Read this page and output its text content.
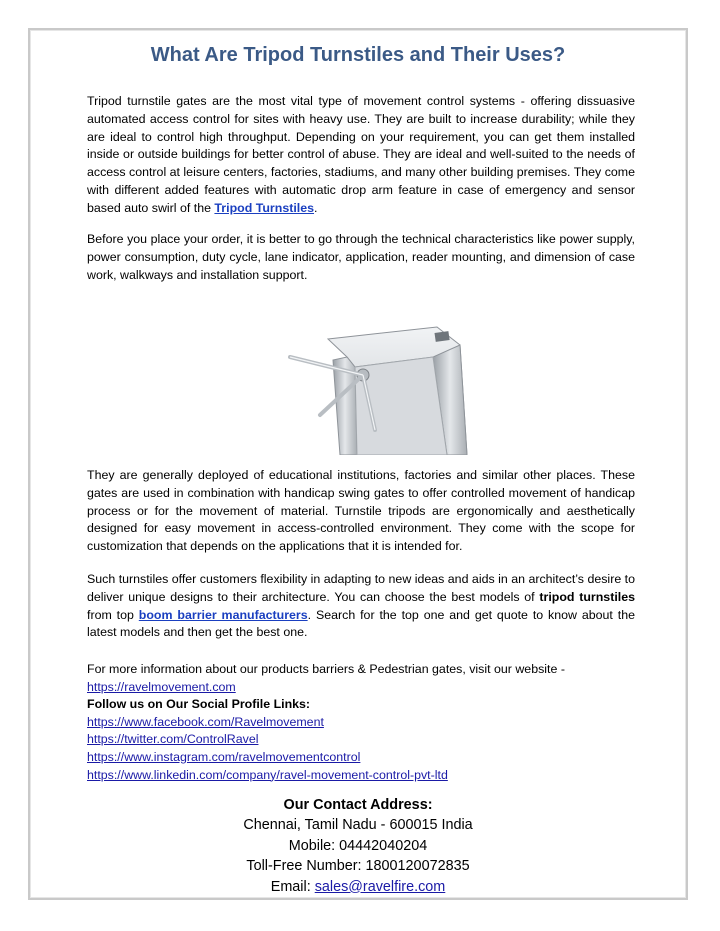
What Are Tripod Turnstiles and Their Uses?

Tripod turnstile gates are the most vital type of movement control systems - offering dissuasive automated access control for sites with heavy use. They are built to increase durability; while they are ideal to control high throughput. Depending on your requirement, you can get them installed inside or outside buildings for better control of abuse. They are ideal and well-suited to the needs of access control at leisure centers, factories, stadiums, and many other building premises. They come with different added features with automatic drop arm feature in case of emergency and sensor based auto swirl of the Tripod Turnstiles.

Before you place your order, it is better to go through the technical characteristics like power supply, power consumption, duty cycle, lane indicator, application, reader mounting, and dimension of case work, walkways and installation support.

They are generally deployed of educational institutions, factories and similar other places. These gates are used in combination with handicap swing gates to offer controlled movement of handicap process or for the movement of material. Turnstile tripods are ergonomically and aesthetically designed for easy movement in access-controlled environment. They come with the scope for customization that depends on the applications that it is intended for.

Such turnstiles offer customers flexibility in adapting to new ideas and aids in an architect’s desire to deliver unique designs to their architecture. You can choose the best models of tripod turnstiles from top boom barrier manufacturers. Search for the top one and get quote to know about the latest models and then get the best one.

For more information about our products barriers & Pedestrian gates, visit our website -
https://ravelmovement.com
Follow us on Our Social Profile Links:
https://www.facebook.com/Ravelmovement
https://twitter.com/ControlRavel
https://www.instagram.com/ravelmovementcontrol
https://www.linkedin.com/company/ravel-movement-control-pvt-ltd
Our Contact Address:
Chennai, Tamil Nadu - 600015 India
Mobile: 04442040204
Toll-Free Number: 1800120072835
Email: sales@ravelfire.com
